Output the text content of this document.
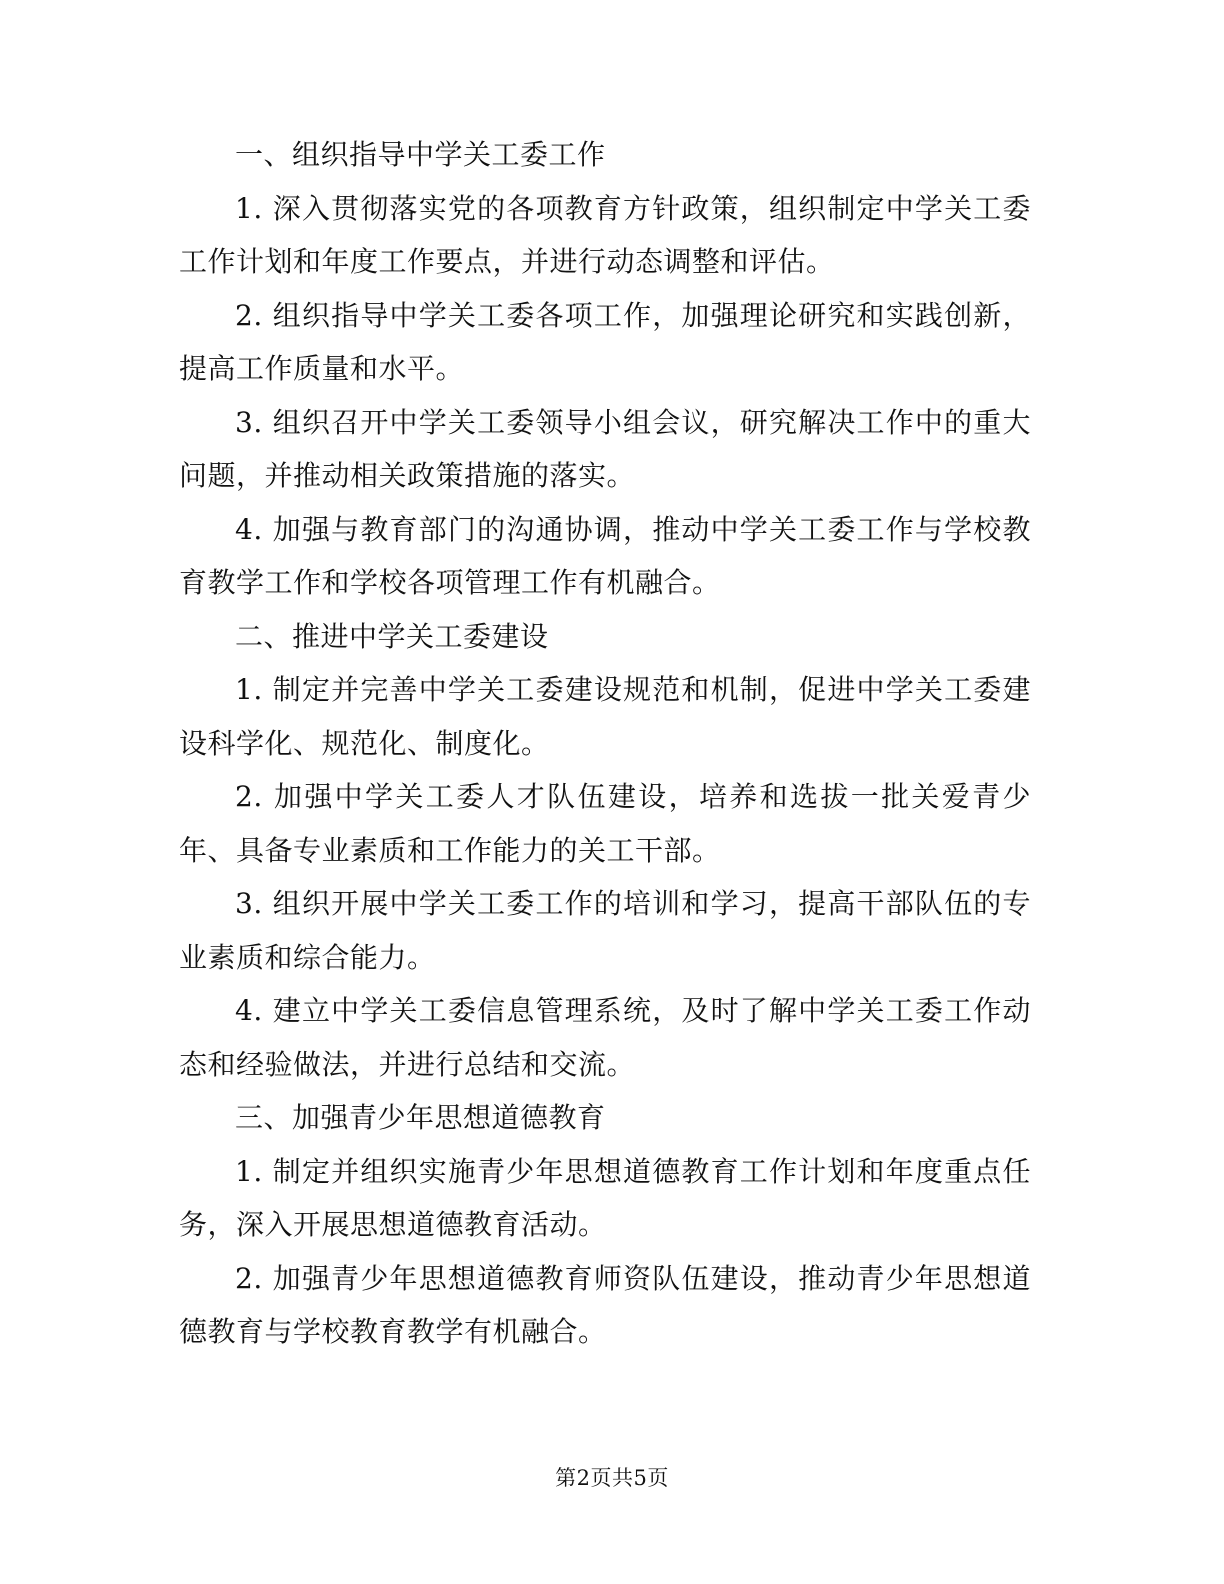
一、组织指导中学关工委工作

1. 深入贯彻落实党的各项教育方针政策，组织制定中学关工委工作计划和年度工作要点，并进行动态调整和评估。

2. 组织指导中学关工委各项工作，加强理论研究和实践创新，提高工作质量和水平。

3. 组织召开中学关工委领导小组会议，研究解决工作中的重大问题，并推动相关政策措施的落实。

4. 加强与教育部门的沟通协调，推动中学关工委工作与学校教育教学工作和学校各项管理工作有机融合。

二、推进中学关工委建设

1. 制定并完善中学关工委建设规范和机制，促进中学关工委建设科学化、规范化、制度化。

2. 加强中学关工委人才队伍建设，培养和选拔一批关爱青少年、具备专业素质和工作能力的关工干部。

3. 组织开展中学关工委工作的培训和学习，提高干部队伍的专业素质和综合能力。

4. 建立中学关工委信息管理系统，及时了解中学关工委工作动态和经验做法，并进行总结和交流。

三、加强青少年思想道德教育

1. 制定并组织实施青少年思想道德教育工作计划和年度重点任务，深入开展思想道德教育活动。

2. 加强青少年思想道德教育师资队伍建设，推动青少年思想道德教育与学校教育教学有机融合。

第2页共5页
